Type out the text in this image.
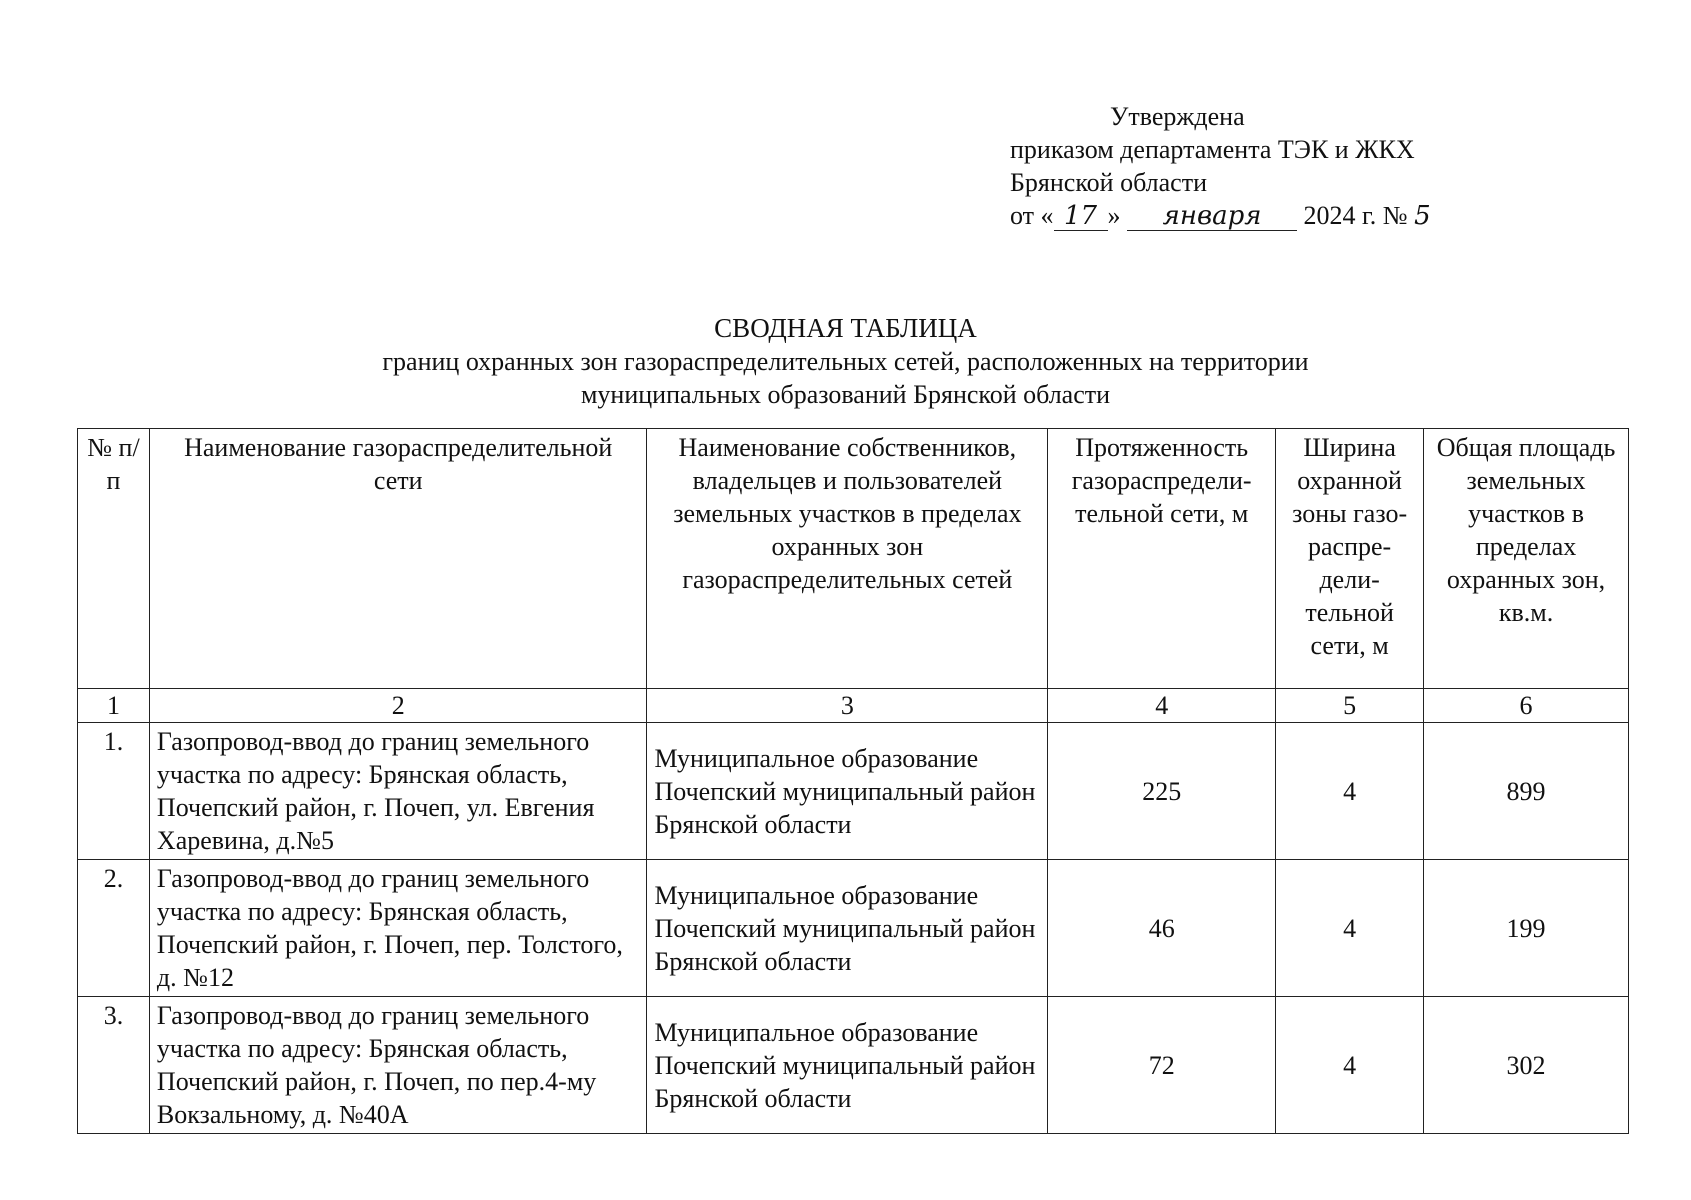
Утверждена
приказом департамента ТЭК и ЖКХ
Брянской области
от « 17 » января 2024 г. № 5
СВОДНАЯ ТАБЛИЦА
границ охранных зон газораспределительных сетей, расположенных на территории
муниципальных образований Брянской области
№ п/п	Наименование газораспределительной сети	Наименование собственников, владельцев и пользователей земельных участков в пределах охранных зон газораспределительных сетей	Протяженность газораспредели-тельной сети, м	Ширина охранной зоны газо-распре-дели-тельной сети, м	Общая площадь земельных участков в пределах охранных зон, кв.м.
1	2	3	4	5	6
1.	Газопровод-ввод до границ земельного участка по адресу: Брянская область, Почепский район, г. Почеп, ул. Евгения Харевина, д.№5	Муниципальное образование Почепский муниципальный район Брянской области	225	4	899
2.	Газопровод-ввод до границ земельного участка по адресу: Брянская область, Почепский район, г. Почеп, пер. Толстого, д. №12	Муниципальное образование Почепский муниципальный район Брянской области	46	4	199
3.	Газопровод-ввод до границ земельного участка по адресу: Брянская область, Почепский район, г. Почеп, по пер.4-му Вокзальному, д. №40А	Муниципальное образование Почепский муниципальный район Брянской области	72	4	302
